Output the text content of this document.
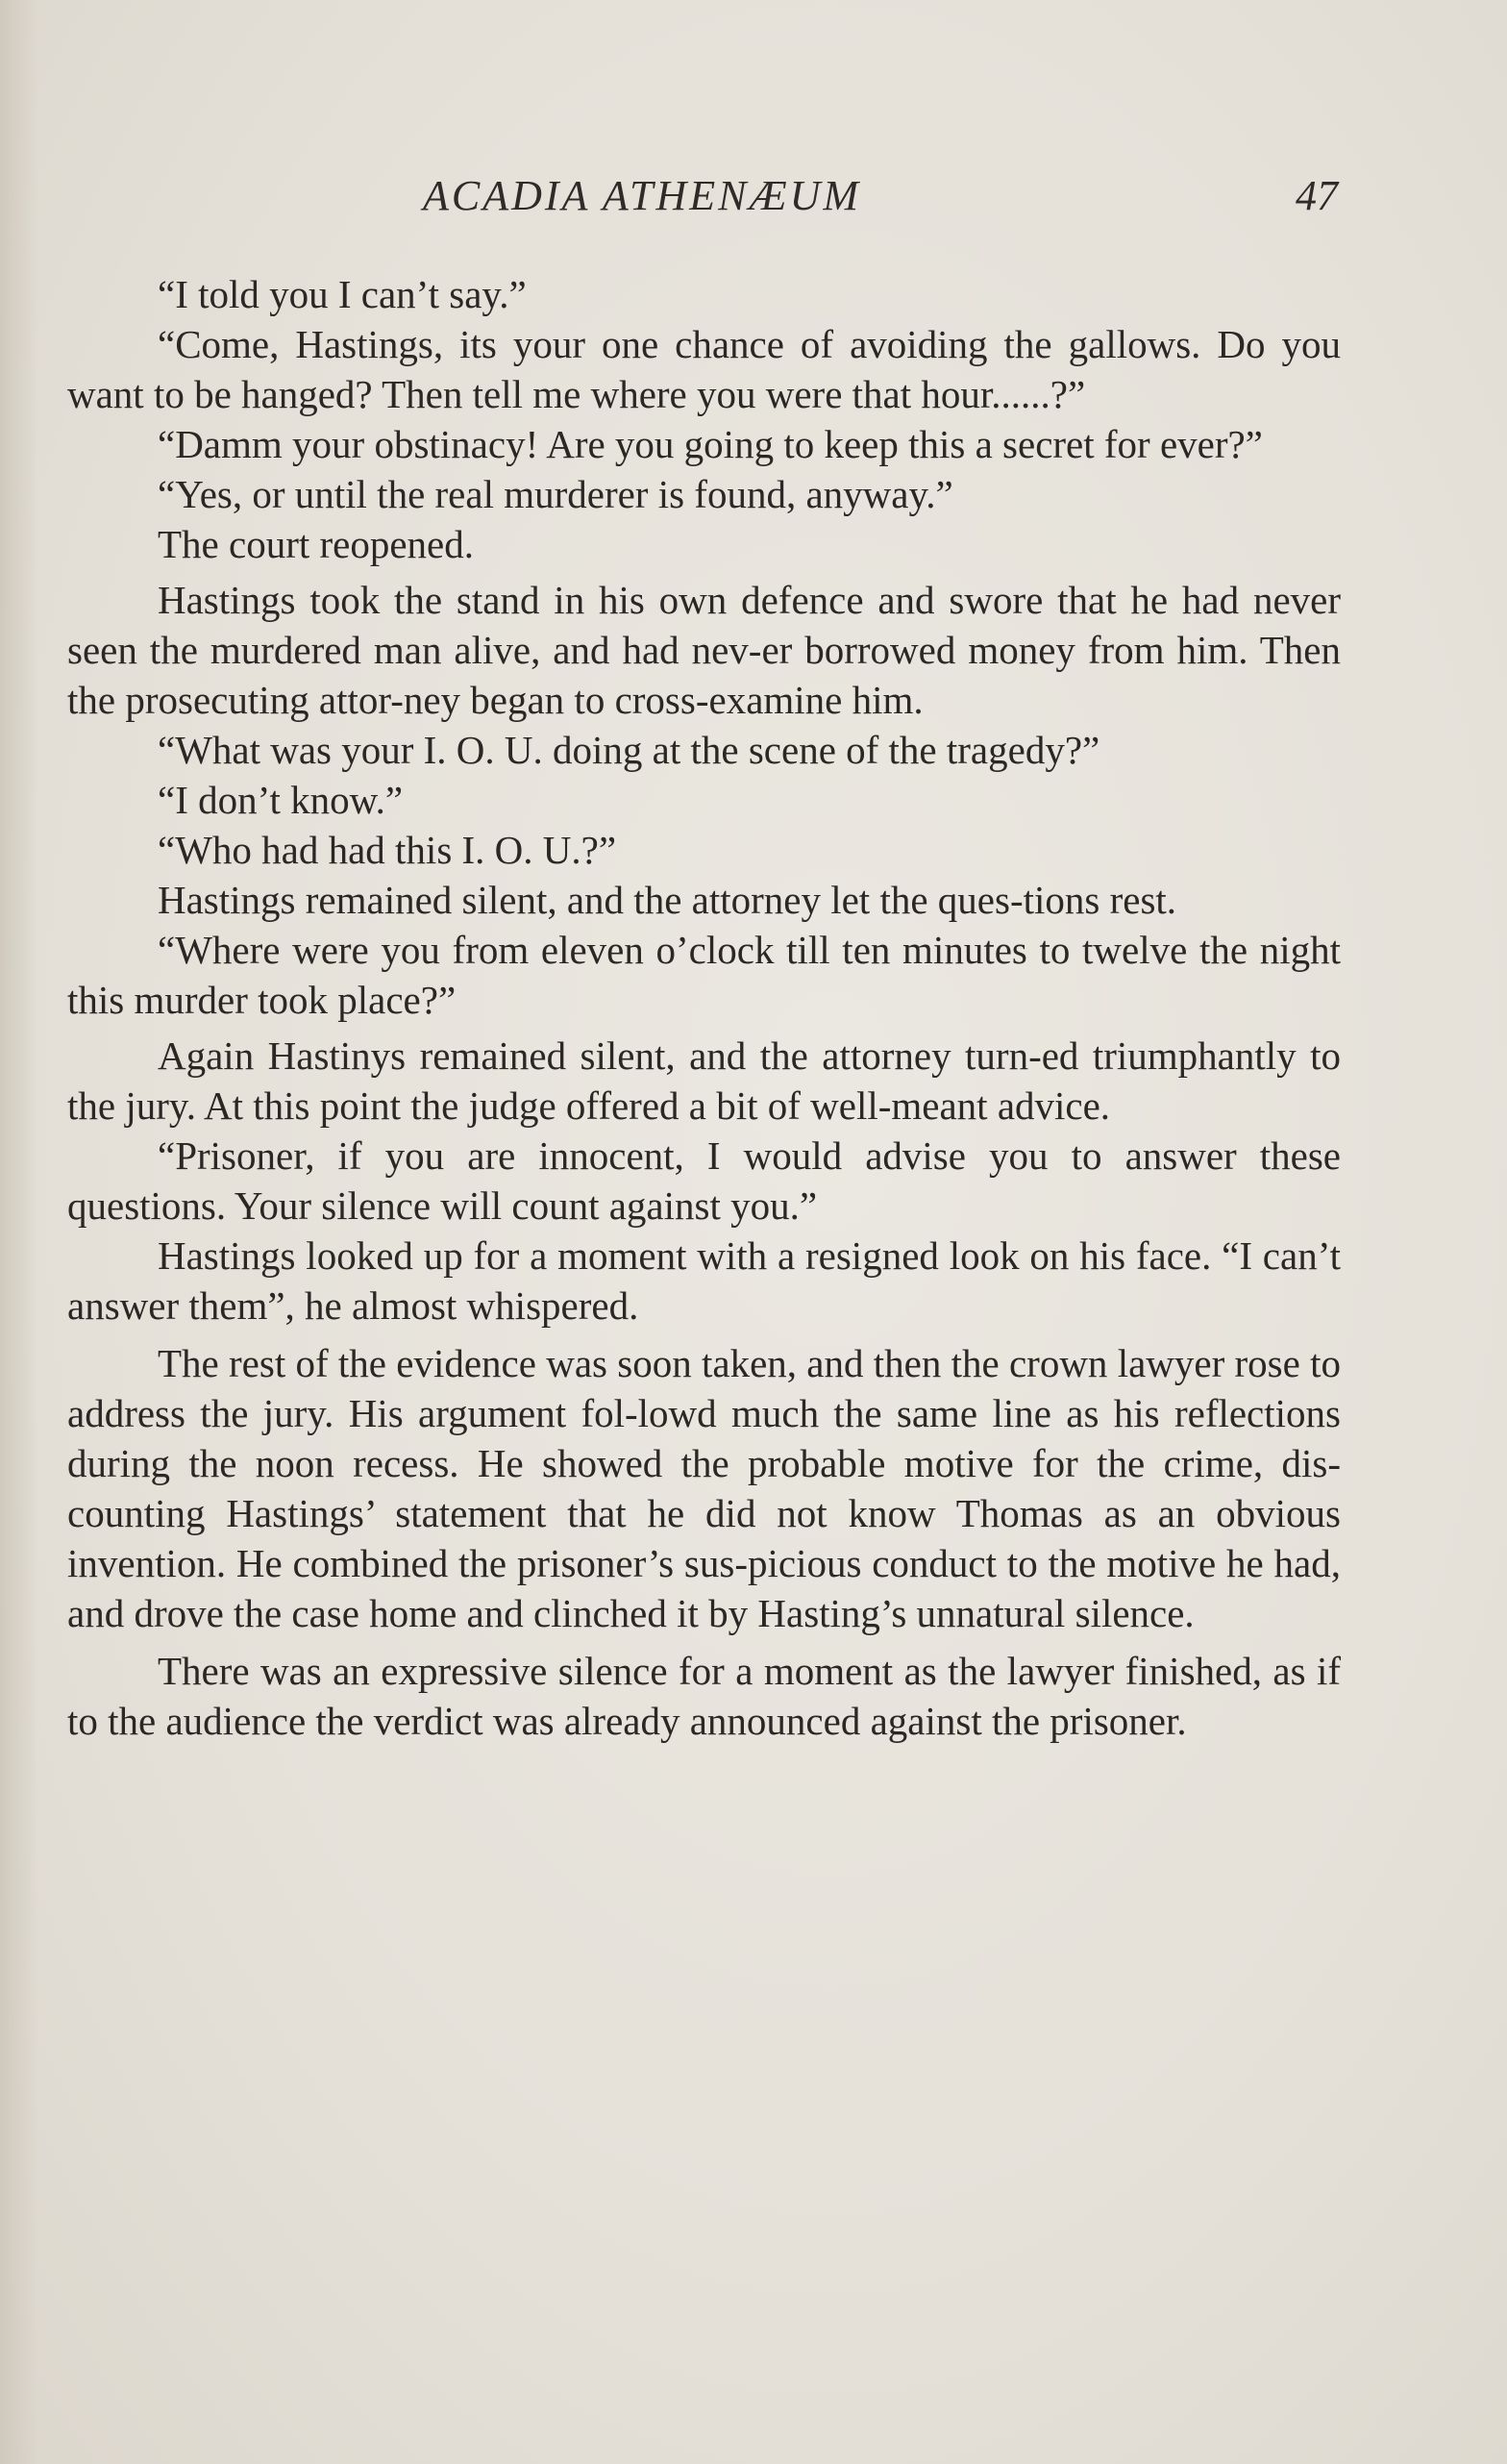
ACADIA ATHENÆUM	47

“I told you I can’t say.”

“Come, Hastings, its your one chance of avoiding the gallows. Do you want to be hanged? Then tell me where you were that hour......?”

“Damm your obstinacy! Are you going to keep this a secret for ever?”

“Yes, or until the real murderer is found, anyway.”

The court reopened.

Hastings took the stand in his own defence and swore that he had never seen the murdered man alive, and had nev-er borrowed money from him. Then the prosecuting attor-ney began to cross-examine him.

“What was your I. O. U. doing at the scene of the tragedy?”

“I don’t know.”

“Who had had this I. O. U.?”

Hastings remained silent, and the attorney let the ques-tions rest.

“Where were you from eleven o’clock till ten minutes to twelve the night this murder took place?”

Again Hastinys remained silent, and the attorney turn-ed triumphantly to the jury. At this point the judge offered a bit of well-meant advice.

“Prisoner, if you are innocent, I would advise you to answer these questions. Your silence will count against you.”

Hastings looked up for a moment with a resigned look on his face. “I can’t answer them”, he almost whispered.

The rest of the evidence was soon taken, and then the crown lawyer rose to address the jury. His argument fol-lowd much the same line as his reflections during the noon recess. He showed the probable motive for the crime, dis-counting Hastings’ statement that he did not know Thomas as an obvious invention. He combined the prisoner’s sus-picious conduct to the motive he had, and drove the case home and clinched it by Hasting’s unnatural silence.

There was an expressive silence for a moment as the lawyer finished, as if to the audience the verdict was already announced against the prisoner.
